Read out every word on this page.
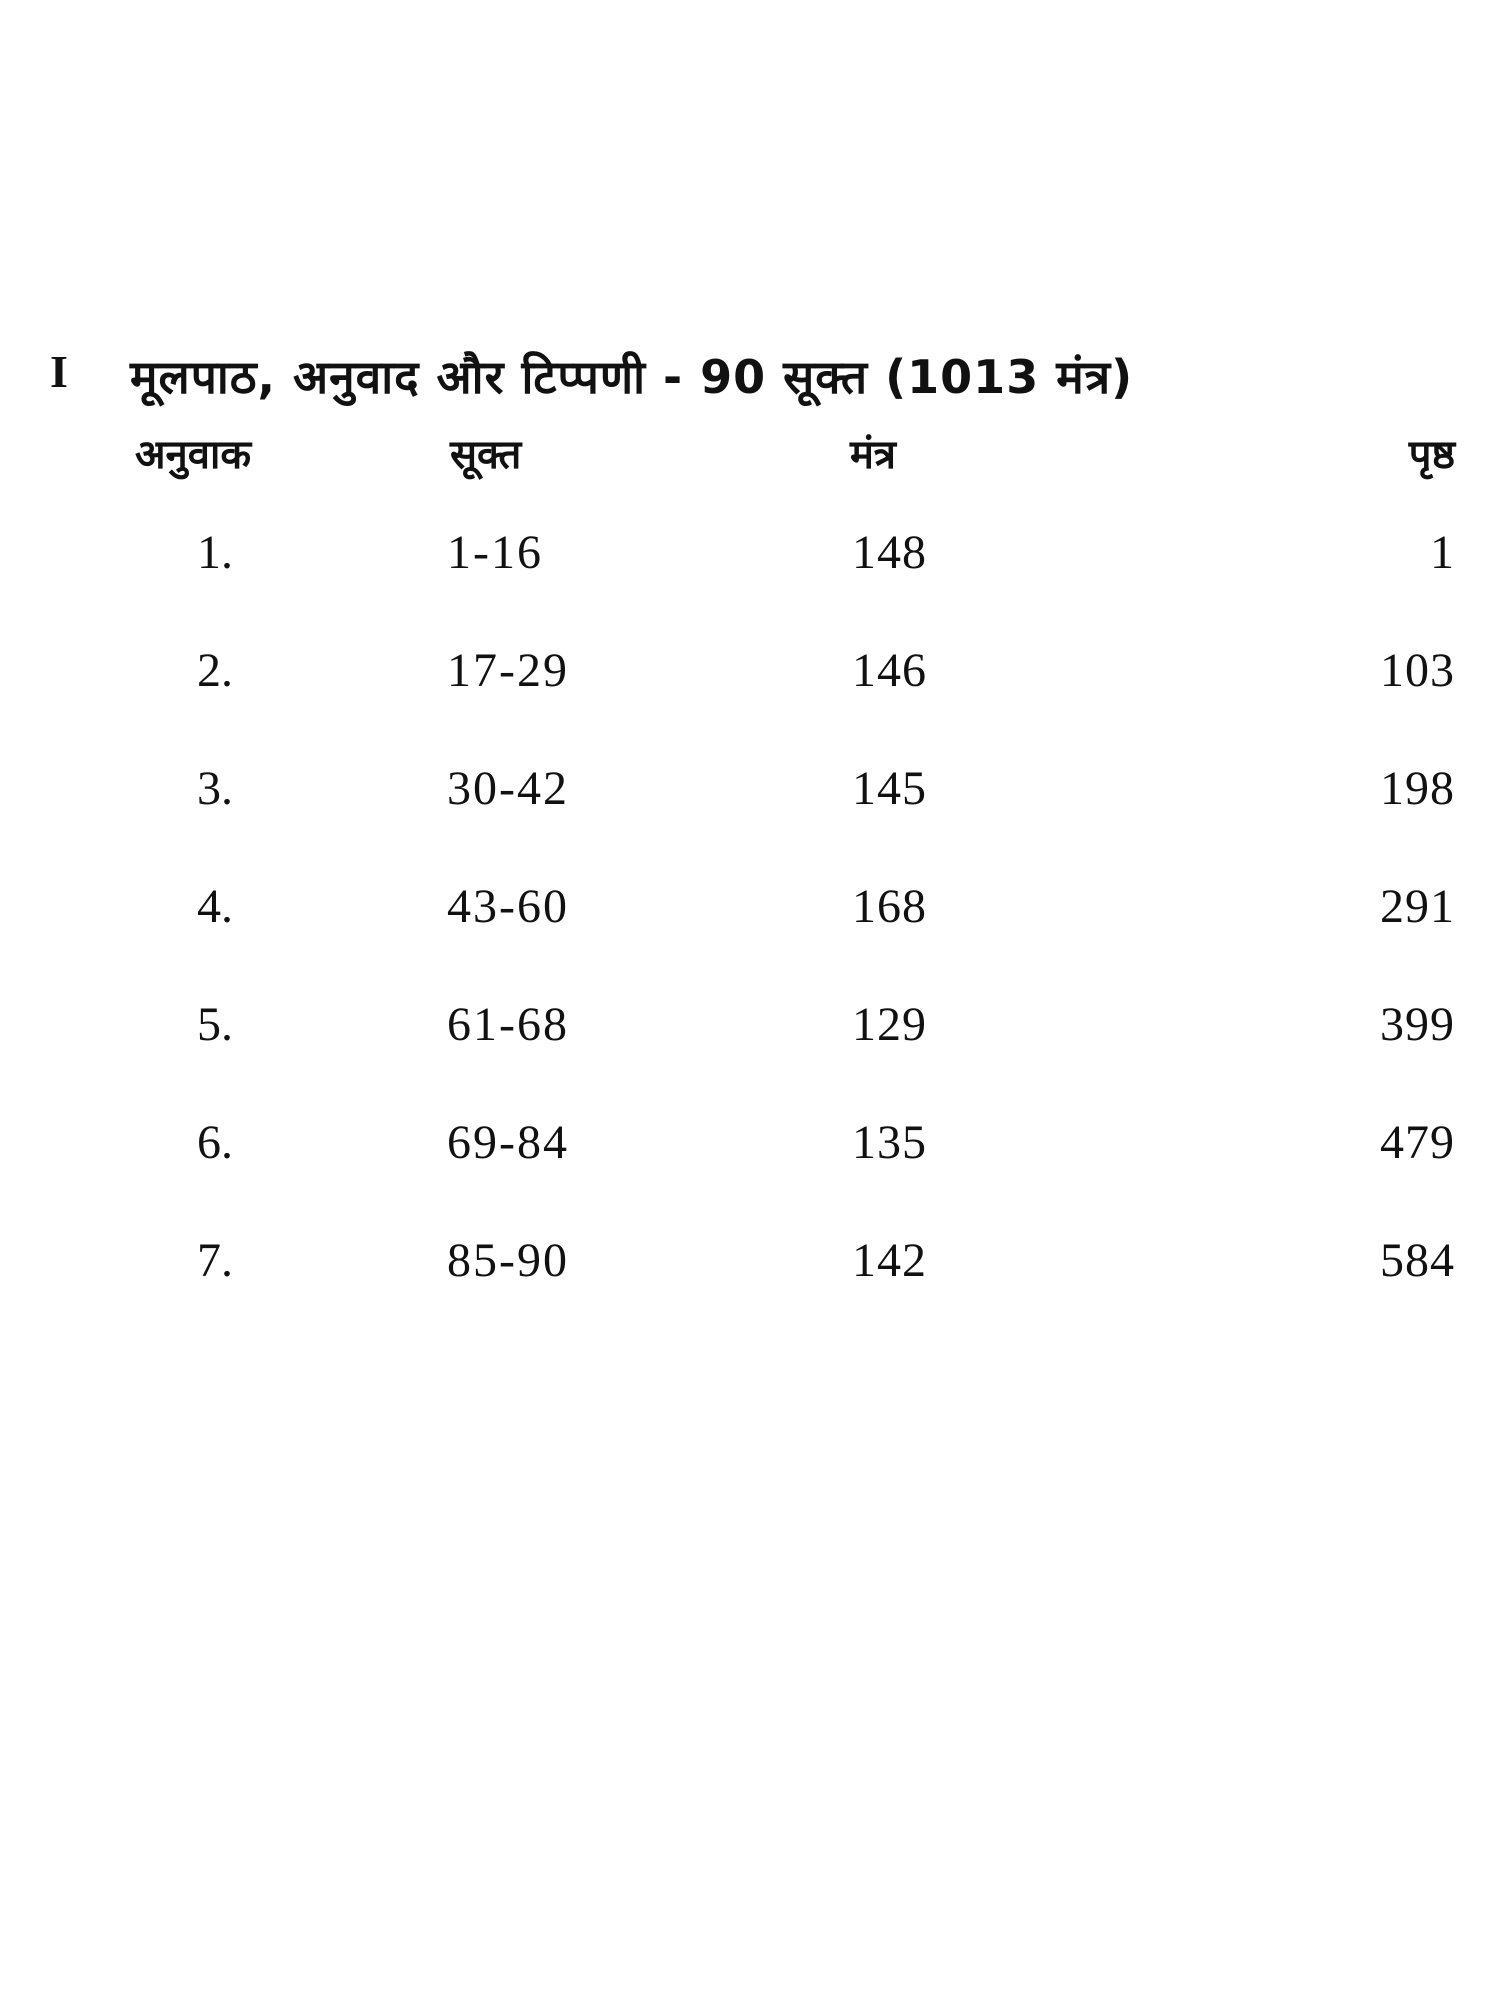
I मूलपाठ, अनुवाद और टिप्पणी - 90 सूक्त (1013 मंत्र)
अनुवाक	सूक्त	मंत्र	पृष्ठ
1.	1-16	148	1
2.	17-29	146	103
3.	30-42	145	198
4.	43-60	168	291
5.	61-68	129	399
6.	69-84	135	479
7.	85-90	142	584
